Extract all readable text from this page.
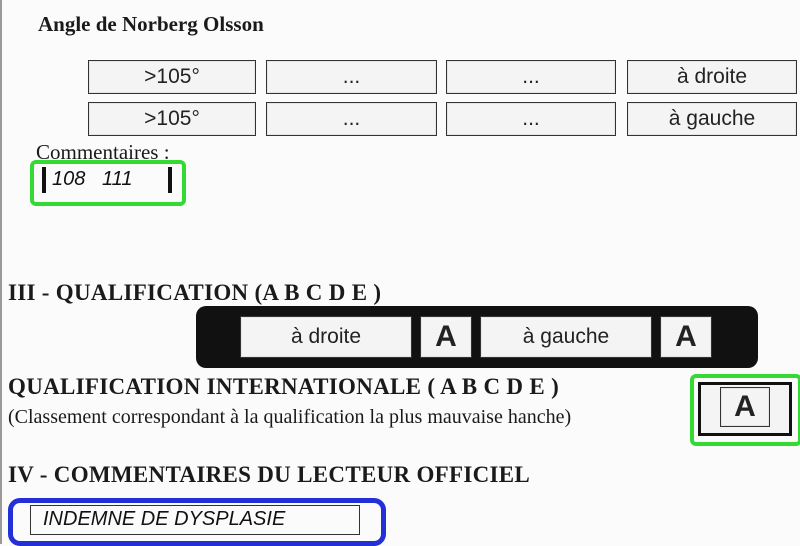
Angle de Norberg Olsson
>105°	...	...	à droite
>105°	...	...	à gauche
Commentaires :
108   111
III - QUALIFICATION (A B C D E )
à droite	A	à gauche	A
QUALIFICATION INTERNATIONALE ( A B C D E )
(Classement correspondant à la qualification la plus mauvaise hanche)	A
IV - COMMENTAIRES DU LECTEUR OFFICIEL
INDEMNE DE DYSPLASIE
